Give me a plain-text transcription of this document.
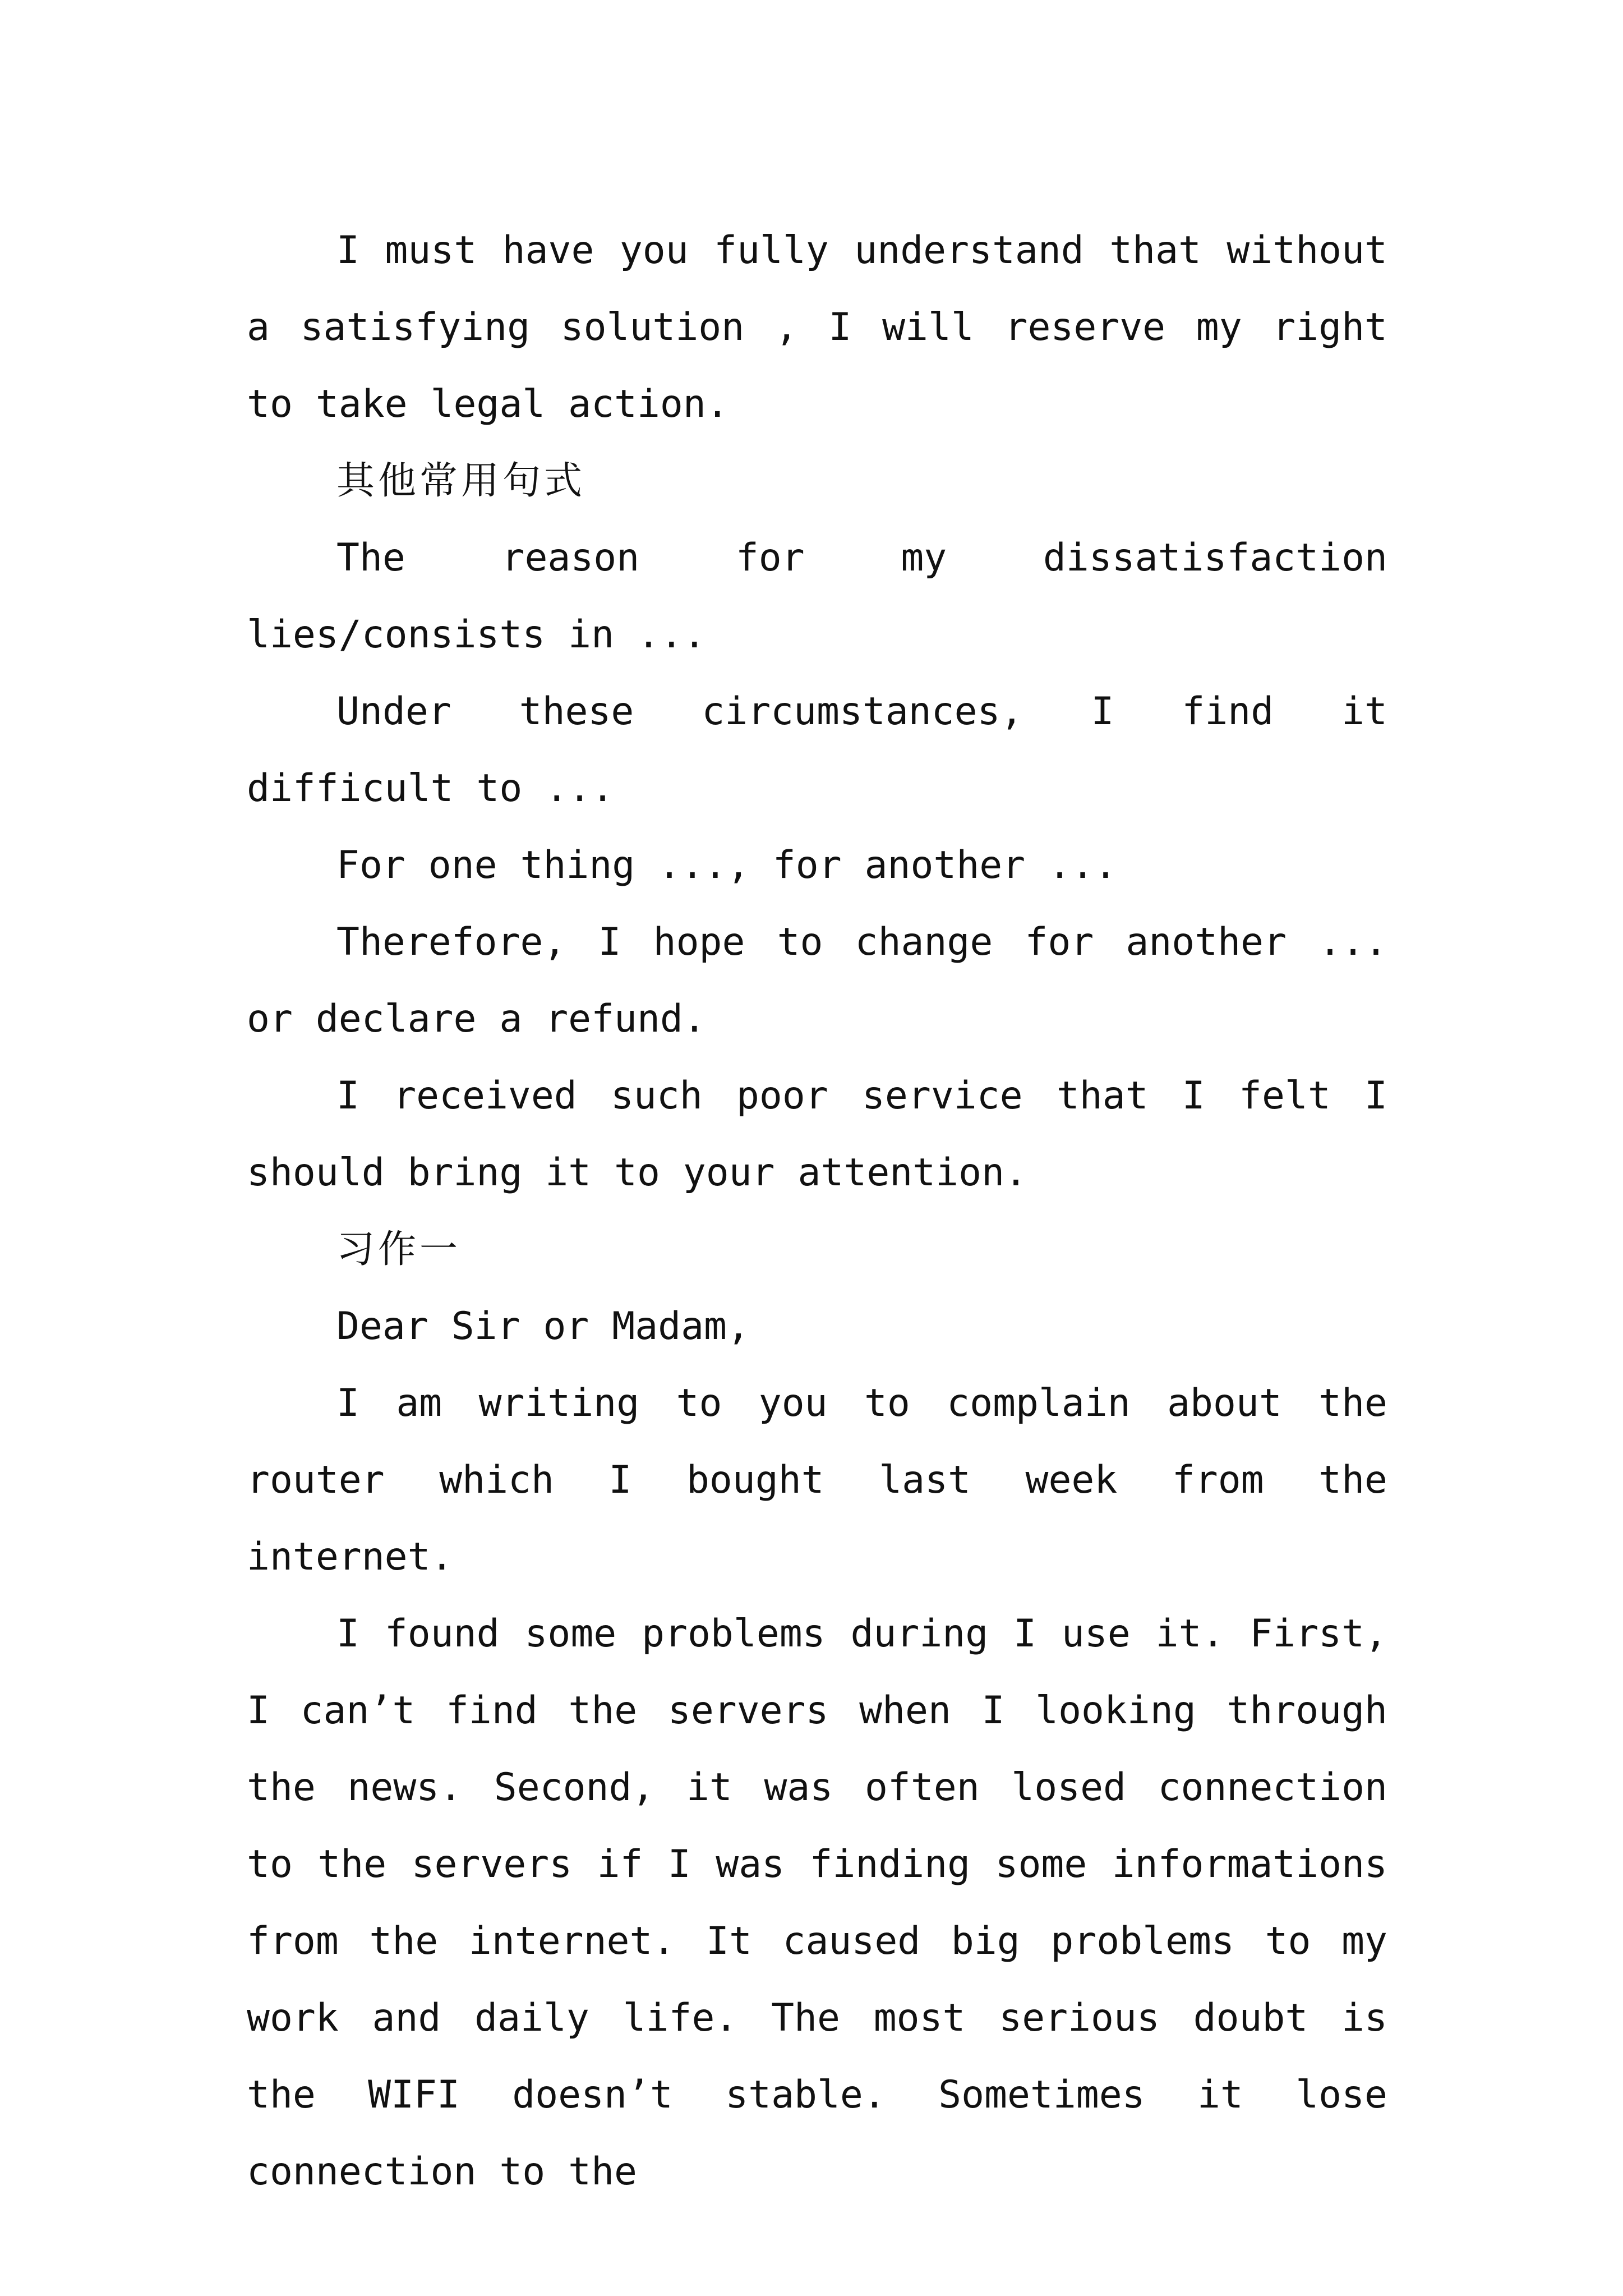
I must have you fully understand that without a satisfying solution , I will reserve my right to take legal action.

其他常用句式

The reason for my dissatisfaction lies/consists in ...

Under these circumstances, I find it difficult to ...

For one thing ..., for another ...

Therefore, I hope to change for another ... or declare a refund.

I received such poor service that I felt I should bring it to your attention.

习作一

Dear Sir or Madam,

I am writing to you to complain about the router which I bought last week from the internet.

I found some problems during I use it. First, I can’t find the servers when I looking through the news. Second, it was often losed connection to the servers if I was finding some informations from the internet. It caused big problems to my work and daily life. The most serious doubt is the WIFI doesn’t stable. Sometimes it lose connection to the
